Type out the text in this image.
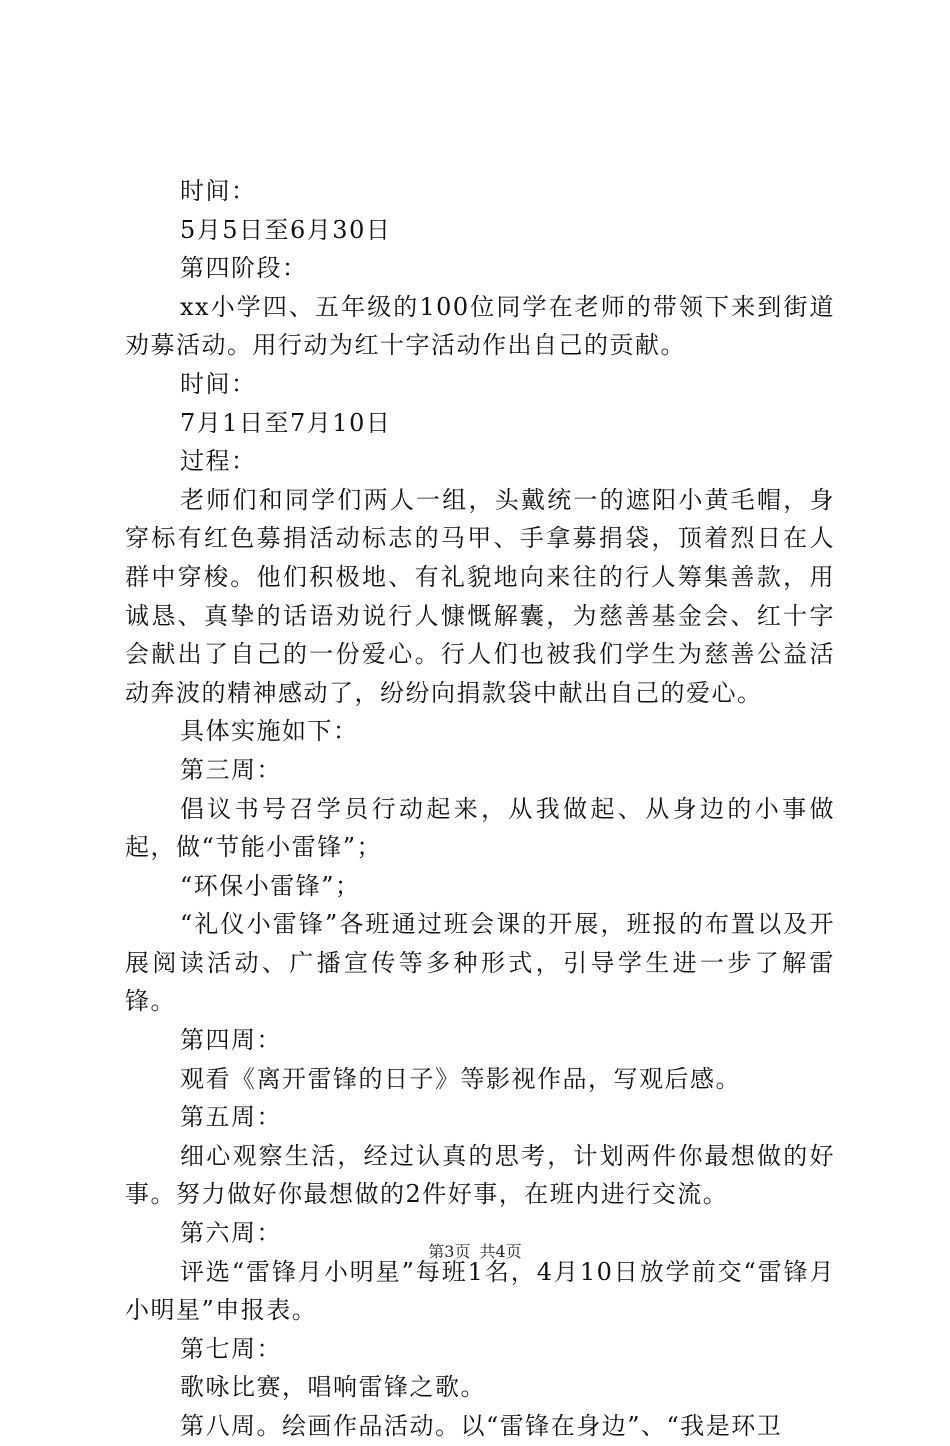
时间：

5月5日至6月30日

第四阶段：

xx小学四、五年级的100位同学在老师的带领下来到街道劝募活动。用行动为红十字活动作出自己的贡献。

时间：

7月1日至7月10日

过程：

老师们和同学们两人一组，头戴统一的遮阳小黄毛帽，身穿标有红色募捐活动标志的马甲、手拿募捐袋，顶着烈日在人群中穿梭。他们积极地、有礼貌地向来往的行人筹集善款，用诚恳、真挚的话语劝说行人慷慨解囊，为慈善基金会、红十字会献出了自己的一份爱心。行人们也被我们学生为慈善公益活动奔波的精神感动了，纷纷向捐款袋中献出自己的爱心。

具体实施如下：

第三周：

倡议书号召学员行动起来，从我做起、从身边的小事做起，做“节能小雷锋”；

“环保小雷锋”；

“礼仪小雷锋”各班通过班会课的开展，班报的布置以及开展阅读活动、广播宣传等多种形式，引导学生进一步了解雷锋。

第四周：

观看《离开雷锋的日子》等影视作品，写观后感。

第五周：

细心观察生活，经过认真的思考，计划两件你最想做的好事。努力做好你最想做的2件好事，在班内进行交流。

第六周：

评选“雷锋月小明星”每班1名，4月10日放学前交“雷锋月小明星”申报表。

第七周：

歌咏比赛，唱响雷锋之歌。

第八周。绘画作品活动。以“雷锋在身边”、“我是环卫

第3页 共4页
